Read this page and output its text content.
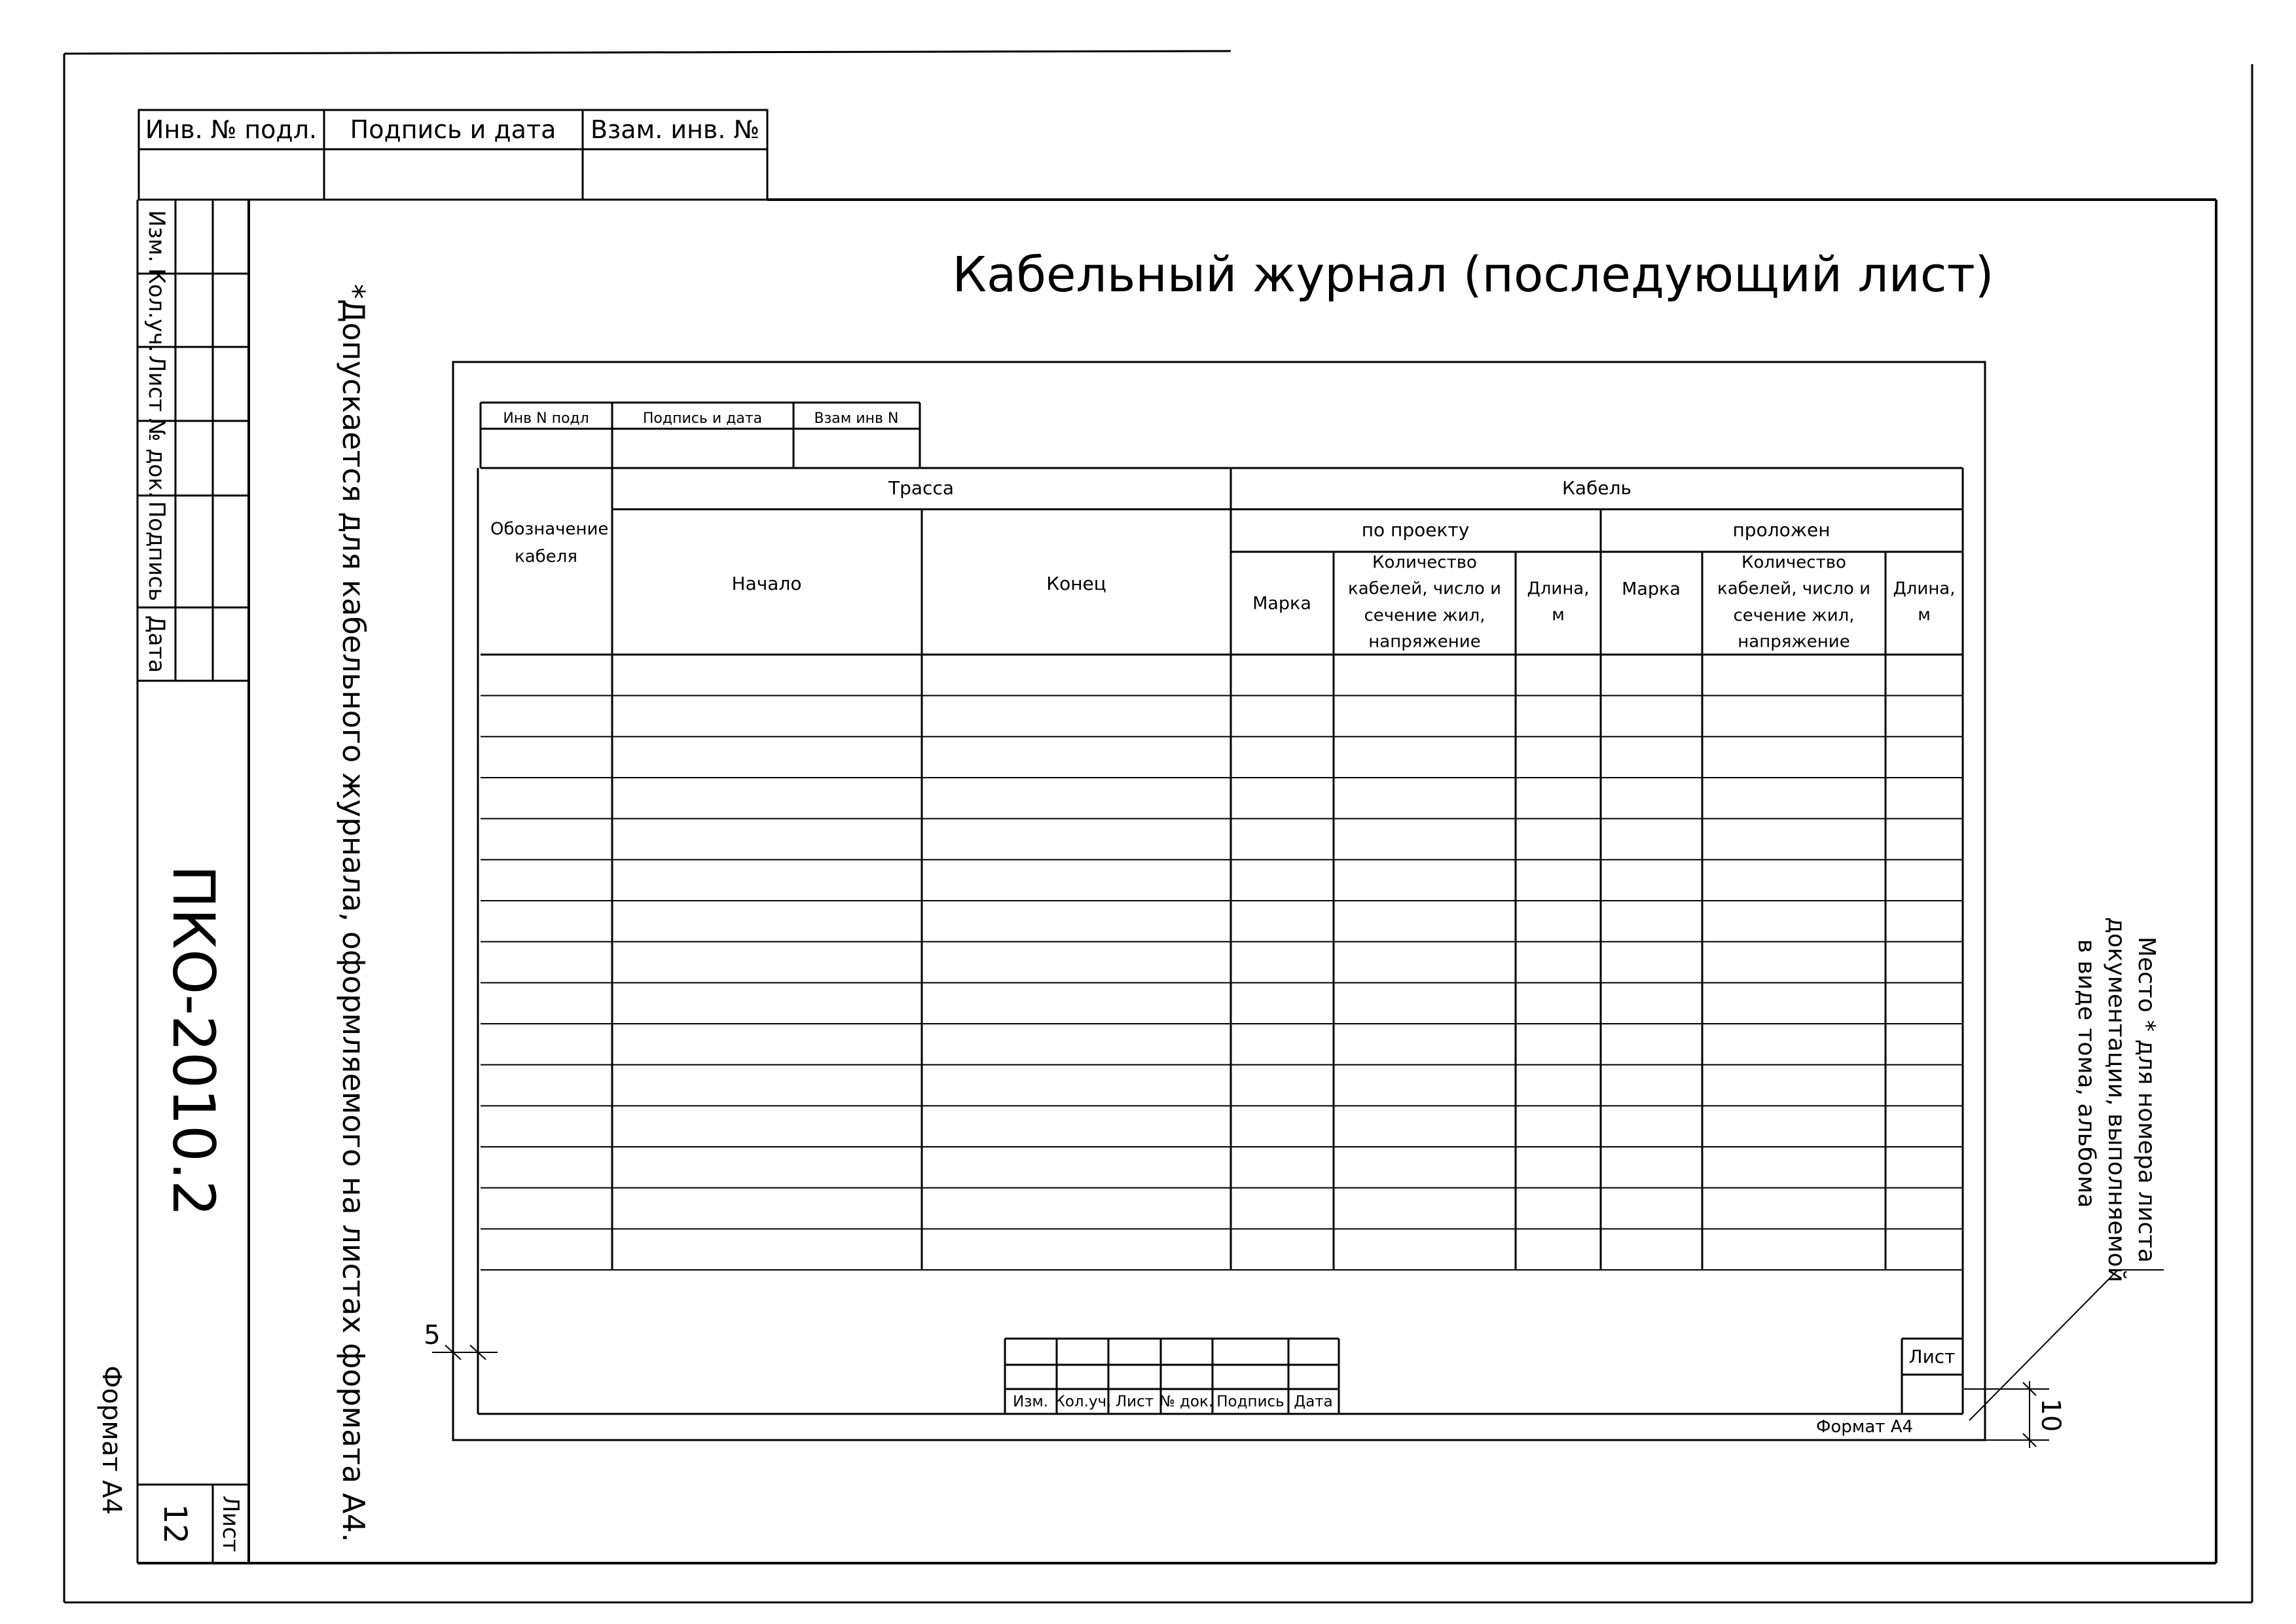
Кабельный журнал (последующий лист)
Инв. № подл. Подпись и дата Взам. инв. №
Изм.
Кол.уч.
Лист
№ док.
Подпись
Дата
ПКО-2010.2
Лист
12
Формат А4	*Допускается для кабельного журнала, оформляемого на листах формата А4.	Место * для номера листа
документации, выполняемой
в виде тома, альбома
5
10
Инв N подл	Подпись и дата	Взам инв N
Обозначение кабеля
Трасса	Кабель
Начало	Конец
по проекту	проложен
Марка
Количество кабелей, число и сечение жил, напряжение
Длина, м
Марка
Количество кабелей, число и сечение жил, напряжение
Длина, м
Изм. Кол.уч. Лист № док. Подпись Дата
Лист
Формат А4
